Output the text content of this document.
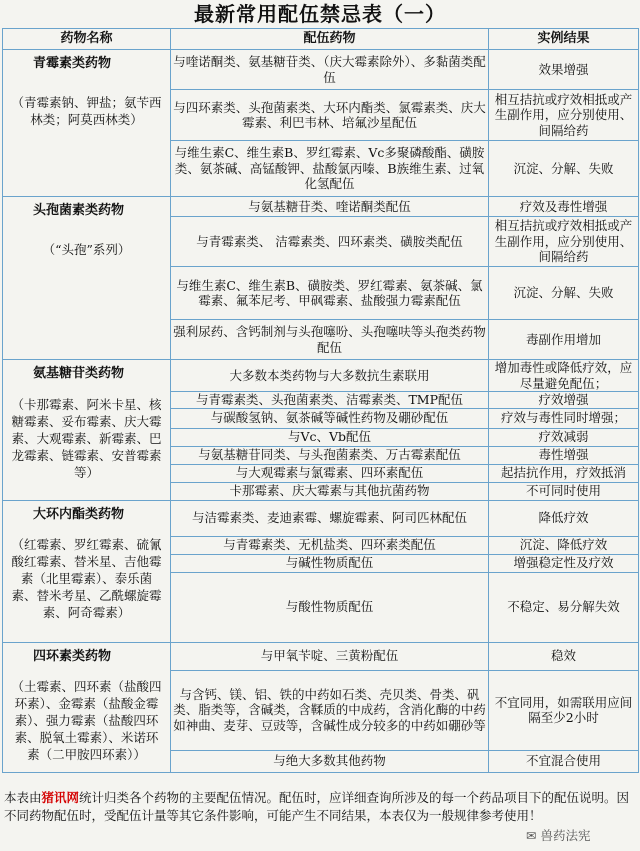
最新常用配伍禁忌表（一）
药物名称	配伍药物	实例结果

青霉素类药物
（青霉素钠、钾盐；氨苄西林类；阿莫西林类）	与喹诺酮类、氨基糖苷类、（庆大霉素除外）、多黏菌类配伍	效果增强
	与四环素类、头孢菌素类、大环内酯类、氯霉素类、庆大霉素、利巴韦林、培氟沙星配伍	相互拮抗或疗效相抵或产生副作用，应分别使用、间隔给药
	与维生素C、维生素B、罗红霉素、Vc多聚磷酸酯、磺胺类、氨茶碱、高锰酸钾、盐酸氯丙嗪、B族维生素、过氧化氢配伍	沉淀、分解、失败

头孢菌素类药物
（“头孢”系列）	与氨基糖苷类、喹诺酮类配伍	疗效及毒性增强
	与青霉素类、 洁霉素类、四环素类、磺胺类配伍	相互拮抗或疗效相抵或产生副作用，应分别使用、间隔给药
	与维生素C、维生素B、磺胺类、罗红霉素、氨茶碱、氯霉素、氟苯尼考、甲砜霉素、盐酸强力霉素配伍	沉淀、分解、失败
	强利尿药、含钙制剂与头孢噻吩、头孢噻呋等头孢类药物配伍	毒副作用增加

氨基糖苷类药物
（卡那霉素、阿米卡星、核糖霉素、妥布霉素、庆大霉素、大观霉素、新霉素、巴龙霉素、链霉素、安普霉素等）	大多数本类药物与大多数抗生素联用	增加毒性或降低疗效，应尽量避免配伍；
	与青霉素类、头孢菌素类、洁霉素类、TMP配伍	疗效增强
	与碳酸氢钠、氨茶碱等碱性药物及硼砂配伍	疗效与毒性同时增强；
	与Vc、Vb配伍	疗效减弱
	与氨基糖苷同类、与头孢菌素类、万古霉素配伍	毒性增强
	与大观霉素与氯霉素、四环素配伍	起拮抗作用，疗效抵消
	卡那霉素、庆大霉素与其他抗菌药物	不可同时使用

大环内酯类药物
（红霉素、罗红霉素、硫氰酸红霉素、替米星、吉他霉素（北里霉素）、泰乐菌素、替米考星、乙酰螺旋霉素、阿奇霉素）	与洁霉素类、麦迪素霉、螺旋霉素、阿司匹林配伍	降低疗效
	与青霉素类、无机盐类、四环素类配伍	沉淀、降低疗效
	与碱性物质配伍	增强稳定性及疗效
	与酸性物质配伍	不稳定、易分解失效

四环素类药物
（土霉素、四环素（盐酸四环素）、金霉素（盐酸金霉素）、强力霉素（盐酸四环素、脱氧土霉素）、米诺环素（二甲胺四环素））	与甲氧苄啶、三黄粉配伍	稳效
	与含钙、镁、铝、铁的中药如石类、壳贝类、骨类、矾类、脂类等，含碱类，含鞣质的中成药，含消化酶的中药如神曲、麦芽、豆豉等，含碱性成分较多的中药如硼砂等	不宜同用，如需联用应间隔至少2小时
	与绝大多数其他药物	不宜混合使用
本表由猪讯网统计归类各个药物的主要配伍情况。配伍时，应详细查询所涉及的每一个药品项目下的配伍说明。因不同药物配伍时，受配伍计量等其它条件影响，可能产生不同结果，本表仅为一般规律参考使用！
✉ 兽药法宪
